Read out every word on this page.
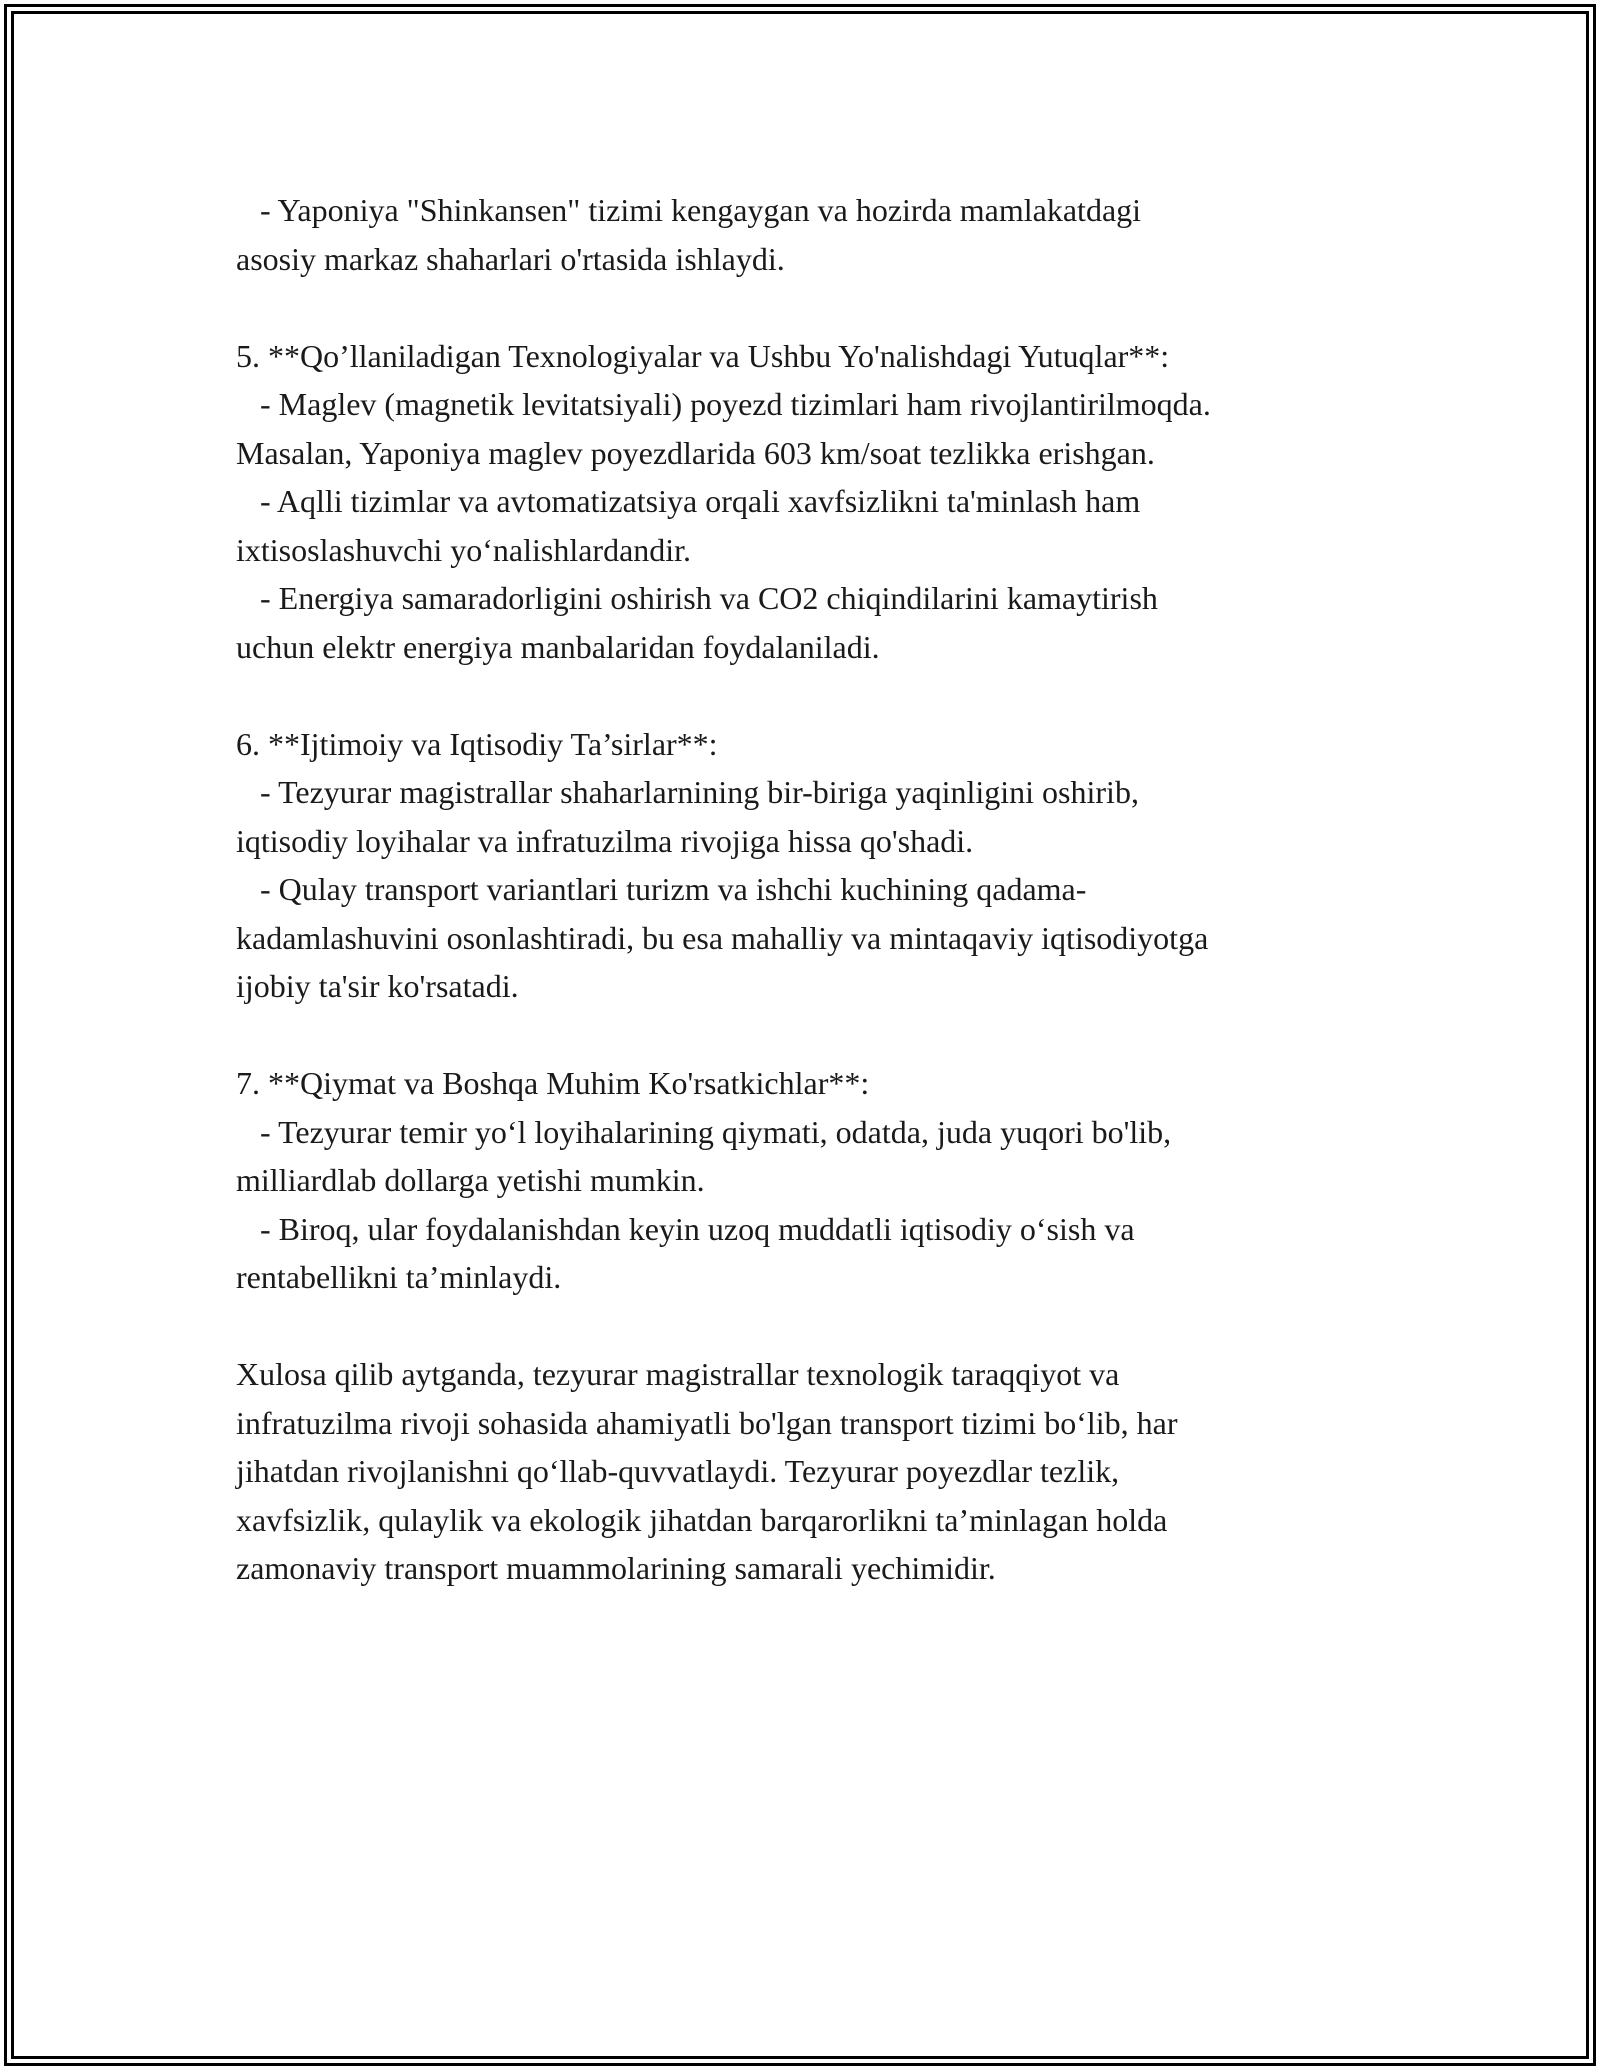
- Yaponiya "Shinkansen" tizimi kengaygan va hozirda mamlakatdagi
asosiy markaz shaharlari o'rtasida ishlaydi.
5. **Qo’llaniladigan Texnologiyalar va Ushbu Yo'nalishdagi Yutuqlar**:
- Maglev (magnetik levitatsiyali) poyezd tizimlari ham rivojlantirilmoqda.
Masalan, Yaponiya maglev poyezdlarida 603 km/soat tezlikka erishgan.
- Aqlli tizimlar va avtomatizatsiya orqali xavfsizlikni ta'minlash ham
ixtisoslashuvchi yo‘nalishlardandir.
- Energiya samaradorligini oshirish va CO2 chiqindilarini kamaytirish
uchun elektr energiya manbalaridan foydalaniladi.
6. **Ijtimoiy va Iqtisodiy Ta’sirlar**:
- Tezyurar magistrallar shaharlarnining bir-biriga yaqinligini oshirib,
iqtisodiy loyihalar va infratuzilma rivojiga hissa qo'shadi.
- Qulay transport variantlari turizm va ishchi kuchining qadama-
kadamlashuvini osonlashtiradi, bu esa mahalliy va mintaqaviy iqtisodiyotga
ijobiy ta'sir ko'rsatadi.
7. **Qiymat va Boshqa Muhim Ko'rsatkichlar**:
- Tezyurar temir yo‘l loyihalarining qiymati, odatda, juda yuqori bo'lib,
milliardlab dollarga yetishi mumkin.
- Biroq, ular foydalanishdan keyin uzoq muddatli iqtisodiy o‘sish va
rentabellikni ta’minlaydi.
Xulosa qilib aytganda, tezyurar magistrallar texnologik taraqqiyot va
infratuzilma rivoji sohasida ahamiyatli bo'lgan transport tizimi bo‘lib, har
jihatdan rivojlanishni qo‘llab-quvvatlaydi. Tezyurar poyezdlar tezlik,
xavfsizlik, qulaylik va ekologik jihatdan barqarorlikni ta’minlagan holda
zamonaviy transport muammolarining samarali yechimidir.
